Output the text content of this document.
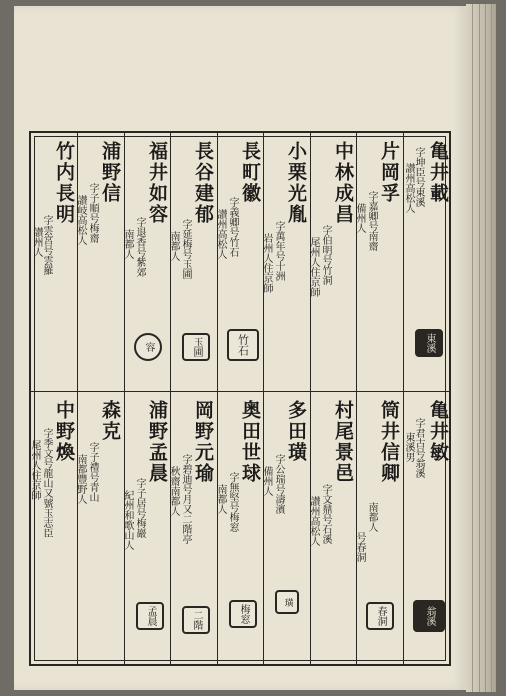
亀井載
字坤臣号東溪
讃州高松人
東溪
片岡孚
字嘉卿号南齋
備州人
中林成昌
字伯明号竹洞
尾州人住京師
小栗光胤
字萬年号十洲
岩州人住京師
長町徽
字義卿号竹石
讃州高松人
竹石
長谷建郁
字延梅号玉圃
南都人
玉圃
福井如容
字退香号紫郊
南都人
容
浦野信
字子順号梅齋
讃岐高松人
竹内長明
字雲宮号雲羅
讃州人
亀井敏
字君古号翁溪
東溪男
翁溪
筒井信卿
南都人
号春洞
春洞
村尾景邑
字文鼎号石溪
讃州高松人
多田璜
字公瑞号濤濱
備州人
璜
奥田世球
字無堅号梅窓
南都人
梅窓
岡野元瑜
字碧迪号月又二階亭
秋齋南都人
二階
浦野孟晨
字子居号梅巖
紀州和歌山人
孟晨
森克
字子禮号青山
南都豐野人
中野煥
字季文号龍山又號玉志臣
尾州人住京師
